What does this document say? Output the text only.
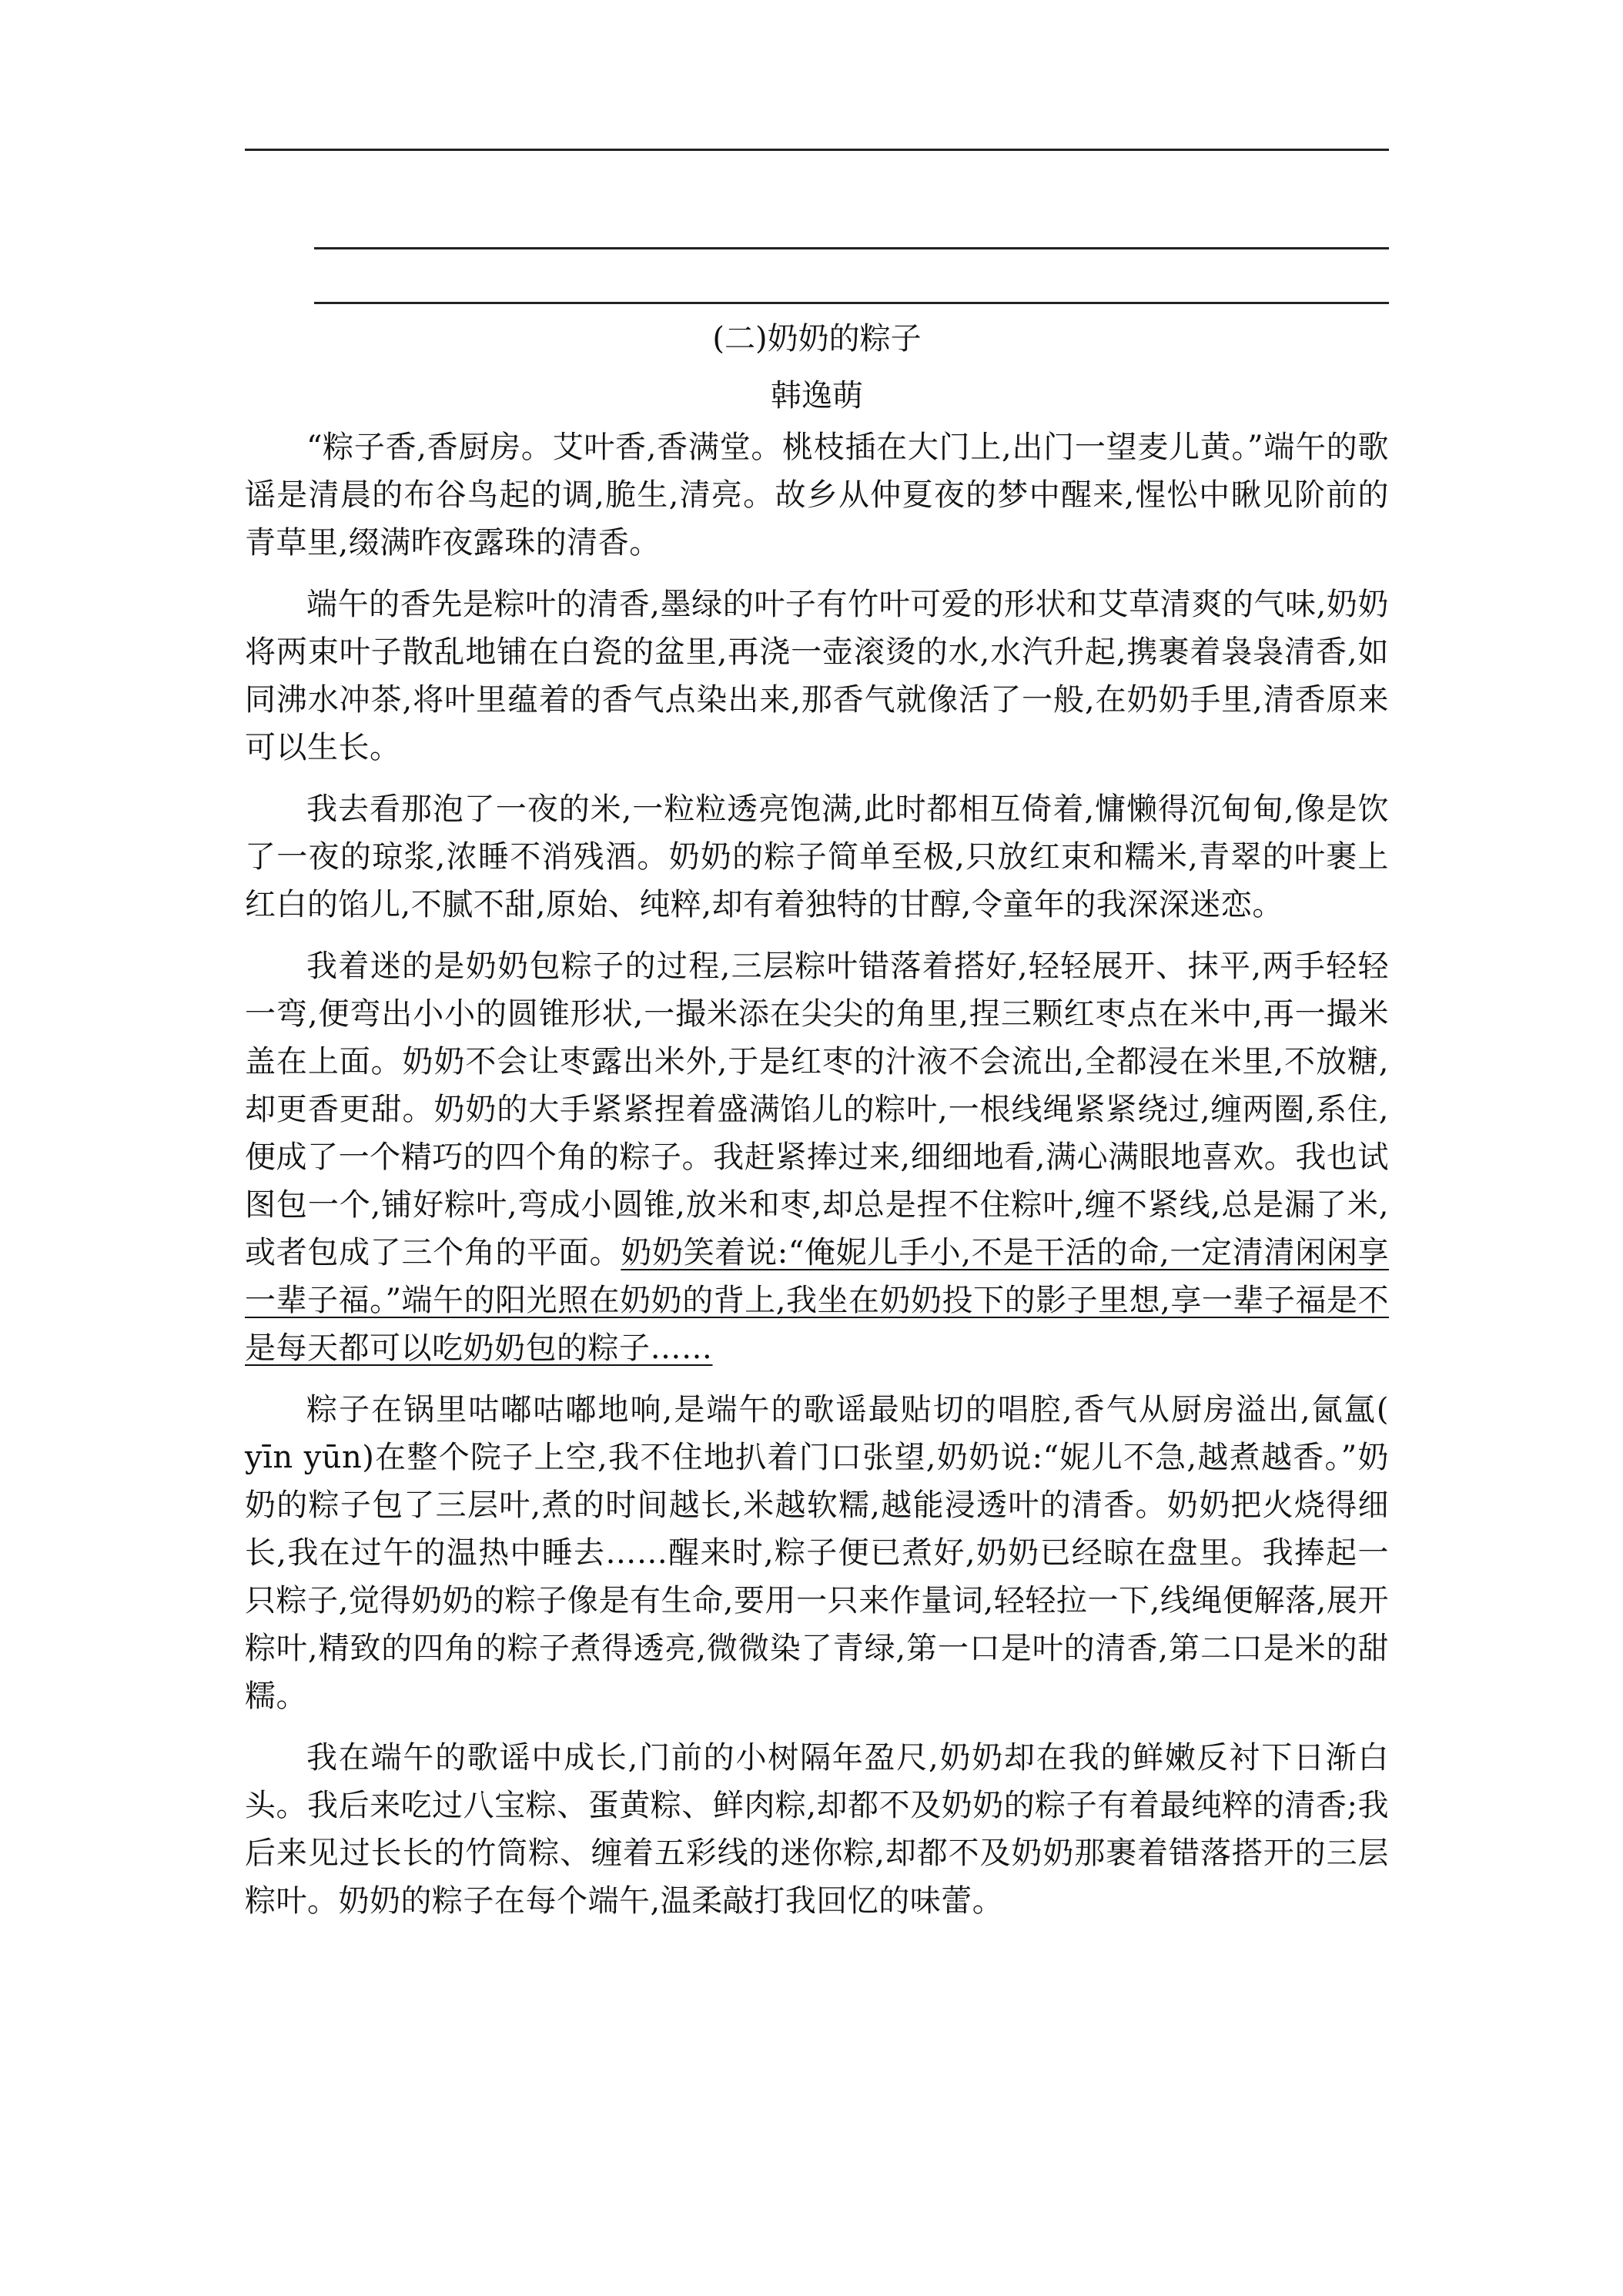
(二)奶奶的粽子
韩逸萌

“粽子香,香厨房。艾叶香,香满堂。桃枝插在大门上,出门一望麦儿黄。”端午的歌谣是清晨的布谷鸟起的调,脆生,清亮。故乡从仲夏夜的梦中醒来,惺忪中瞅见阶前的青草里,缀满昨夜露珠的清香。

端午的香先是粽叶的清香,墨绿的叶子有竹叶可爱的形状和艾草清爽的气味,奶奶将两束叶子散乱地铺在白瓷的盆里,再浇一壶滚烫的水,水汽升起,携裹着袅袅清香,如同沸水冲茶,将叶里蕴着的香气点染出来,那香气就像活了一般,在奶奶手里,清香原来可以生长。

我去看那泡了一夜的米,一粒粒透亮饱满,此时都相互倚着,慵懒得沉甸甸,像是饮了一夜的琼浆,浓睡不消残酒。奶奶的粽子简单至极,只放红束和糯米,青翠的叶裹上红白的馅儿,不腻不甜,原始、纯粹,却有着独特的甘醇,令童年的我深深迷恋。

我着迷的是奶奶包粽子的过程,三层粽叶错落着搭好,轻轻展开、抹平,两手轻轻一弯,便弯出小小的圆锥形状,一撮米添在尖尖的角里,捏三颗红枣点在米中,再一撮米盖在上面。奶奶不会让枣露出米外,于是红枣的汁液不会流出,全都浸在米里,不放糖,却更香更甜。奶奶的大手紧紧捏着盛满馅儿的粽叶,一根线绳紧紧绕过,缠两圈,系住,便成了一个精巧的四个角的粽子。我赶紧捧过来,细细地看,满心满眼地喜欢。我也试图包一个,铺好粽叶,弯成小圆锥,放米和枣,却总是捏不住粽叶,缠不紧线,总是漏了米,或者包成了三个角的平面。奶奶笑着说:“俺妮儿手小,不是干活的命,一定清清闲闲享一辈子福。”端午的阳光照在奶奶的背上,我坐在奶奶投下的影子里想,享一辈子福是不是每天都可以吃奶奶包的粽子……

粽子在锅里咕嘟咕嘟地响,是端午的歌谣最贴切的唱腔,香气从厨房溢出,氤氲( yīn yūn)在整个院子上空,我不住地扒着门口张望,奶奶说:“妮儿不急,越煮越香。”奶奶的粽子包了三层叶,煮的时间越长,米越软糯,越能浸透叶的清香。奶奶把火烧得细长,我在过午的温热中睡去……醒来时,粽子便已煮好,奶奶已经晾在盘里。我捧起一只粽子,觉得奶奶的粽子像是有生命,要用一只来作量词,轻轻拉一下,线绳便解落,展开粽叶,精致的四角的粽子煮得透亮,微微染了青绿,第一口是叶的清香,第二口是米的甜糯。

我在端午的歌谣中成长,门前的小树隔年盈尺,奶奶却在我的鲜嫩反衬下日渐白头。我后来吃过八宝粽、蛋黄粽、鲜肉粽,却都不及奶奶的粽子有着最纯粹的清香;我后来见过长长的竹筒粽、缠着五彩线的迷你粽,却都不及奶奶那裹着错落搭开的三层粽叶。奶奶的粽子在每个端午,温柔敲打我回忆的味蕾。
